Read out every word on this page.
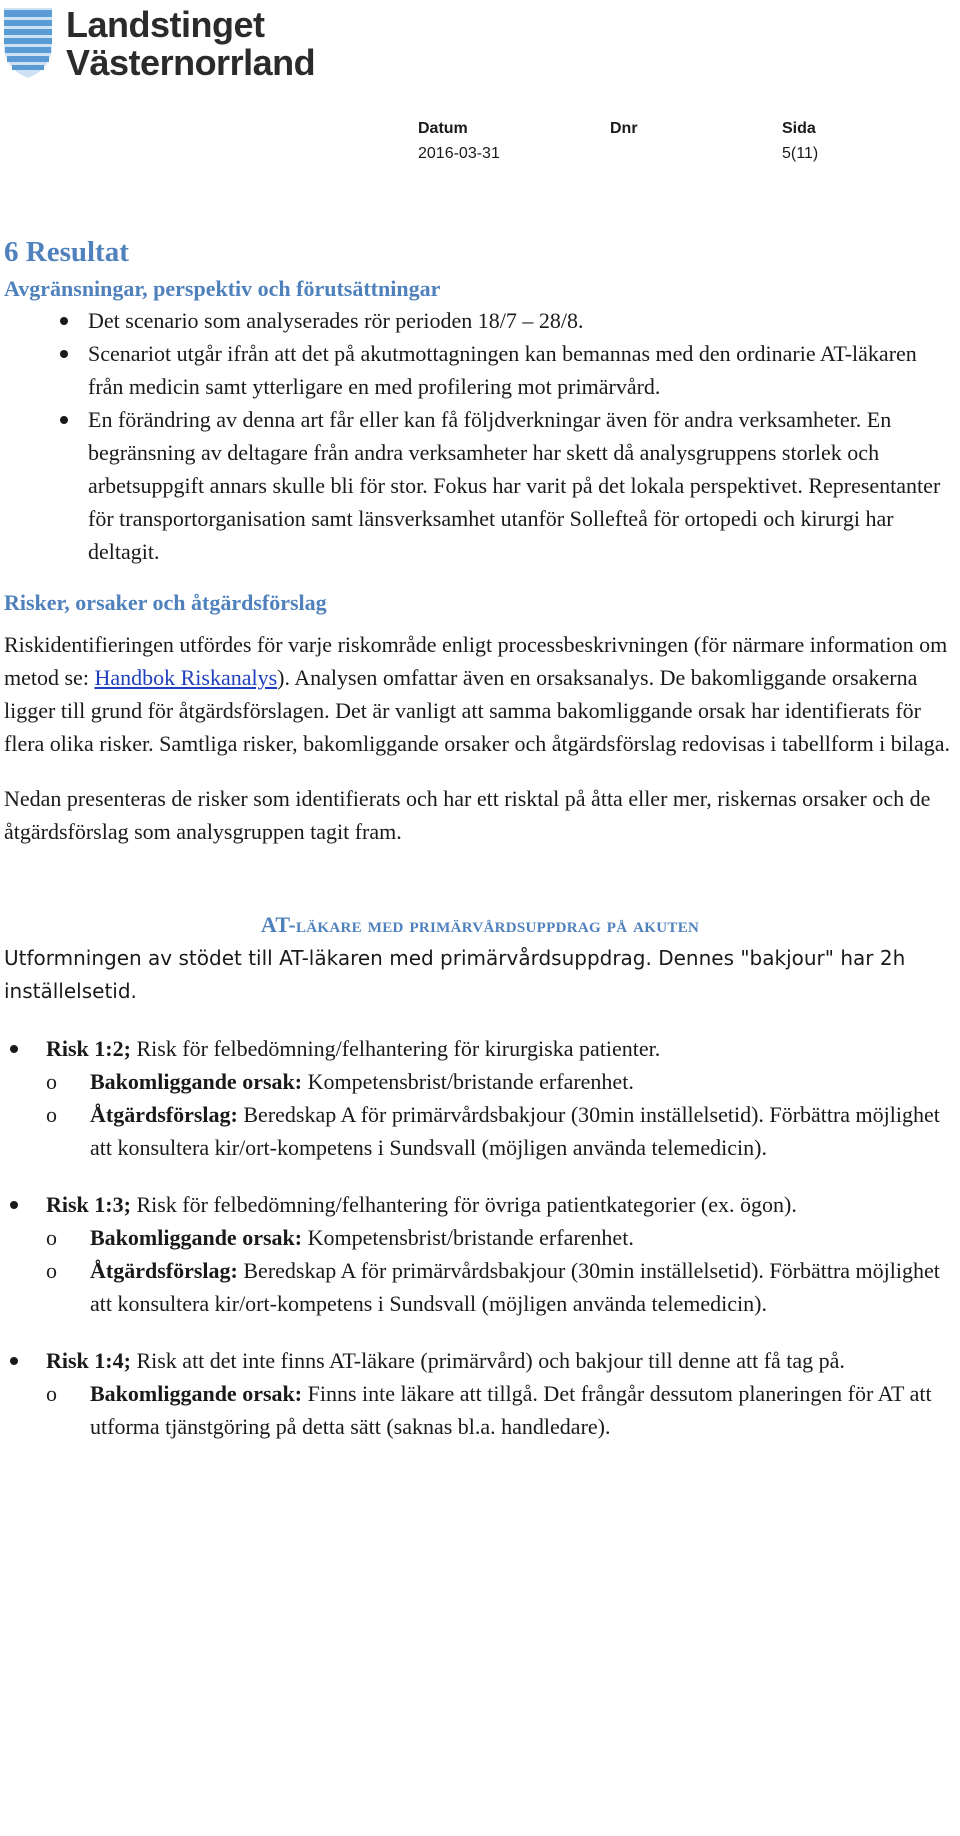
Landstinget
Västernorrland
Datum	Dnr	Sida
2016-03-31	5(11)
6 Resultat
Avgränsningar, perspektiv och förutsättningar
Det scenario som analyserades rör perioden 18/7 – 28/8.
Scenariot utgår ifrån att det på akutmottagningen kan bemannas med den ordinarie AT-läkaren från medicin samt ytterligare en med profilering mot primärvård.
En förändring av denna art får eller kan få följdverkningar även för andra verksamheter. En begränsning av deltagare från andra verksamheter har skett då analysgruppens storlek och arbetsuppgift annars skulle bli för stor. Fokus har varit på det lokala perspektivet. Representanter för transportorganisation samt länsverksamhet utanför Sollefteå för ortopedi och kirurgi har deltagit.
Risker, orsaker och åtgärdsförslag

Riskidentifieringen utfördes för varje riskområde enligt processbeskrivningen (för närmare information om metod se: Handbok Riskanalys). Analysen omfattar även en orsaksanalys. De bakomliggande orsakerna ligger till grund för åtgärdsförslagen. Det är vanligt att samma bakomliggande orsak har identifierats för flera olika risker. Samtliga risker, bakomliggande orsaker och åtgärdsförslag redovisas i tabellform i bilaga.

Nedan presenteras de risker som identifierats och har ett risktal på åtta eller mer, riskernas orsaker och de åtgärdsförslag som analysgruppen tagit fram.

AT-läkare med primärvårdsuppdrag på akuten

Utformningen av stödet till AT-läkaren med primärvårdsuppdrag. Dennes "bakjour" har 2h inställelsetid.

Risk 1:2; Risk för felbedömning/felhantering för kirurgiska patienter.
o Bakomliggande orsak: Kompetensbrist/bristande erfarenhet.
o Åtgärdsförslag: Beredskap A för primärvårdsbakjour (30min inställelsetid). Förbättra möjlighet att konsultera kir/ort-kompetens i Sundsvall (möjligen använda telemedicin).
Risk 1:3; Risk för felbedömning/felhantering för övriga patientkategorier (ex. ögon).
o Bakomliggande orsak: Kompetensbrist/bristande erfarenhet.
o Åtgärdsförslag: Beredskap A för primärvårdsbakjour (30min inställelsetid). Förbättra möjlighet att konsultera kir/ort-kompetens i Sundsvall (möjligen använda telemedicin).
Risk 1:4; Risk att det inte finns AT-läkare (primärvård) och bakjour till denne att få tag på.
o Bakomliggande orsak: Finns inte läkare att tillgå. Det frångår dessutom planeringen för AT att utforma tjänstgöring på detta sätt (saknas bl.a. handledare).
